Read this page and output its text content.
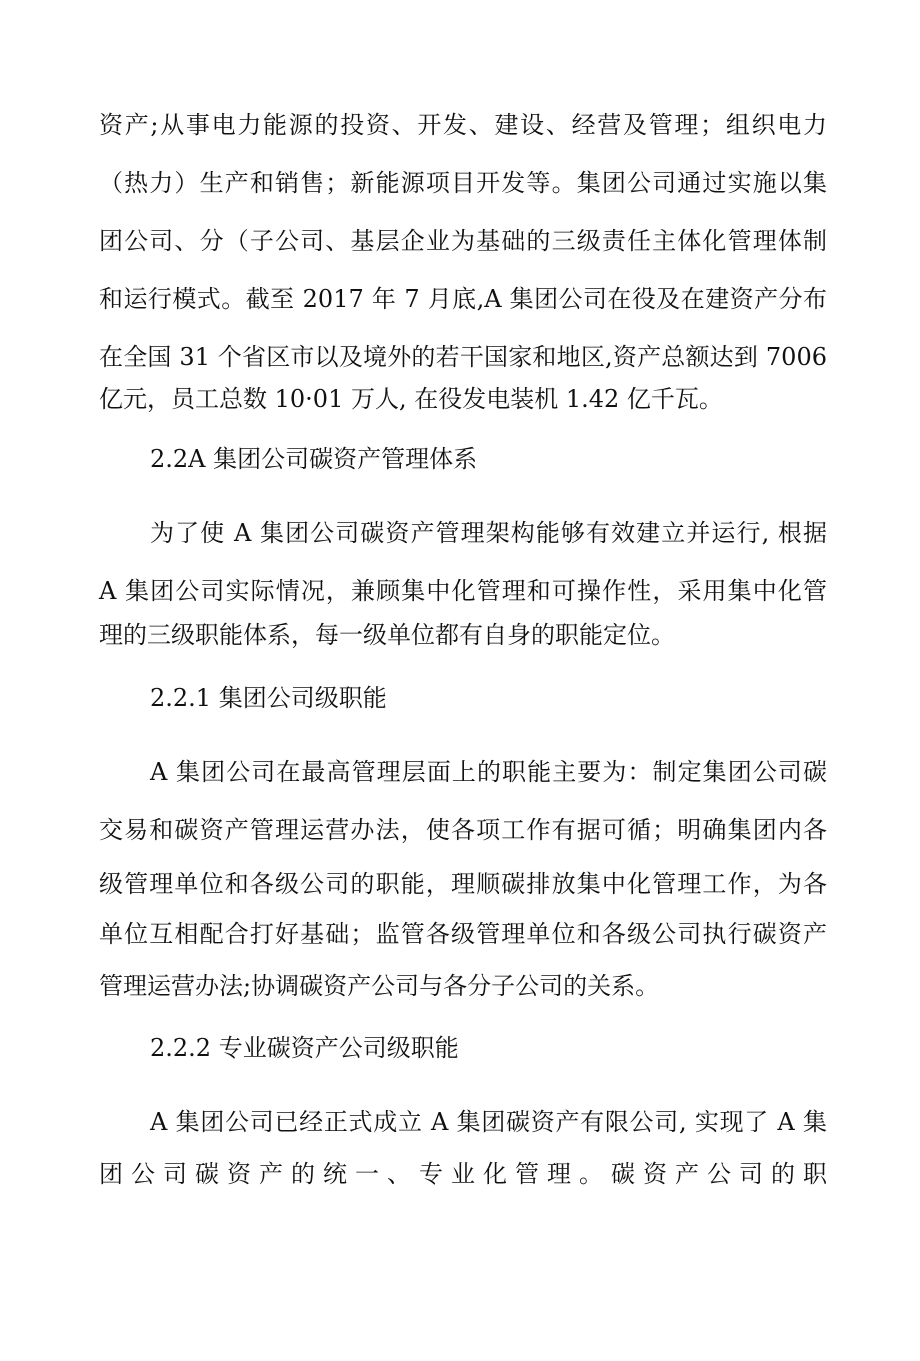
资产;从事电力能源的投资、开发、建设、经营及管理；组织电力
（热力）生产和销售；新能源项目开发等。集团公司通过实施以集
团公司、分（子公司、基层企业为基础的三级责任主体化管理体制
和运行模式。截至 2017 年 7 月底,A 集团公司在役及在建资产分布
在全国 31 个省区市以及境外的若干国家和地区,资产总额达到 7006
亿元，员工总数 10·01 万人, 在役发电装机 1.42 亿千瓦。
2.2A 集团公司碳资产管理体系
为了使 A 集团公司碳资产管理架构能够有效建立并运行, 根据
A 集团公司实际情况，兼顾集中化管理和可操作性，采用集中化管
理的三级职能体系，每一级单位都有自身的职能定位。
2.2.1 集团公司级职能
A 集团公司在最高管理层面上的职能主要为：制定集团公司碳
交易和碳资产管理运营办法，使各项工作有据可循；明确集团内各
级管理单位和各级公司的职能，理顺碳排放集中化管理工作，为各
单位互相配合打好基础；监管各级管理单位和各级公司执行碳资产
管理运营办法;协调碳资产公司与各分子公司的关系。
2.2.2 专业碳资产公司级职能
A 集团公司已经正式成立 A 集团碳资产有限公司, 实现了 A 集
团 公 司 碳 资 产 的 统 一 、 专 业 化 管 理 。 碳 资 产 公 司 的 职
